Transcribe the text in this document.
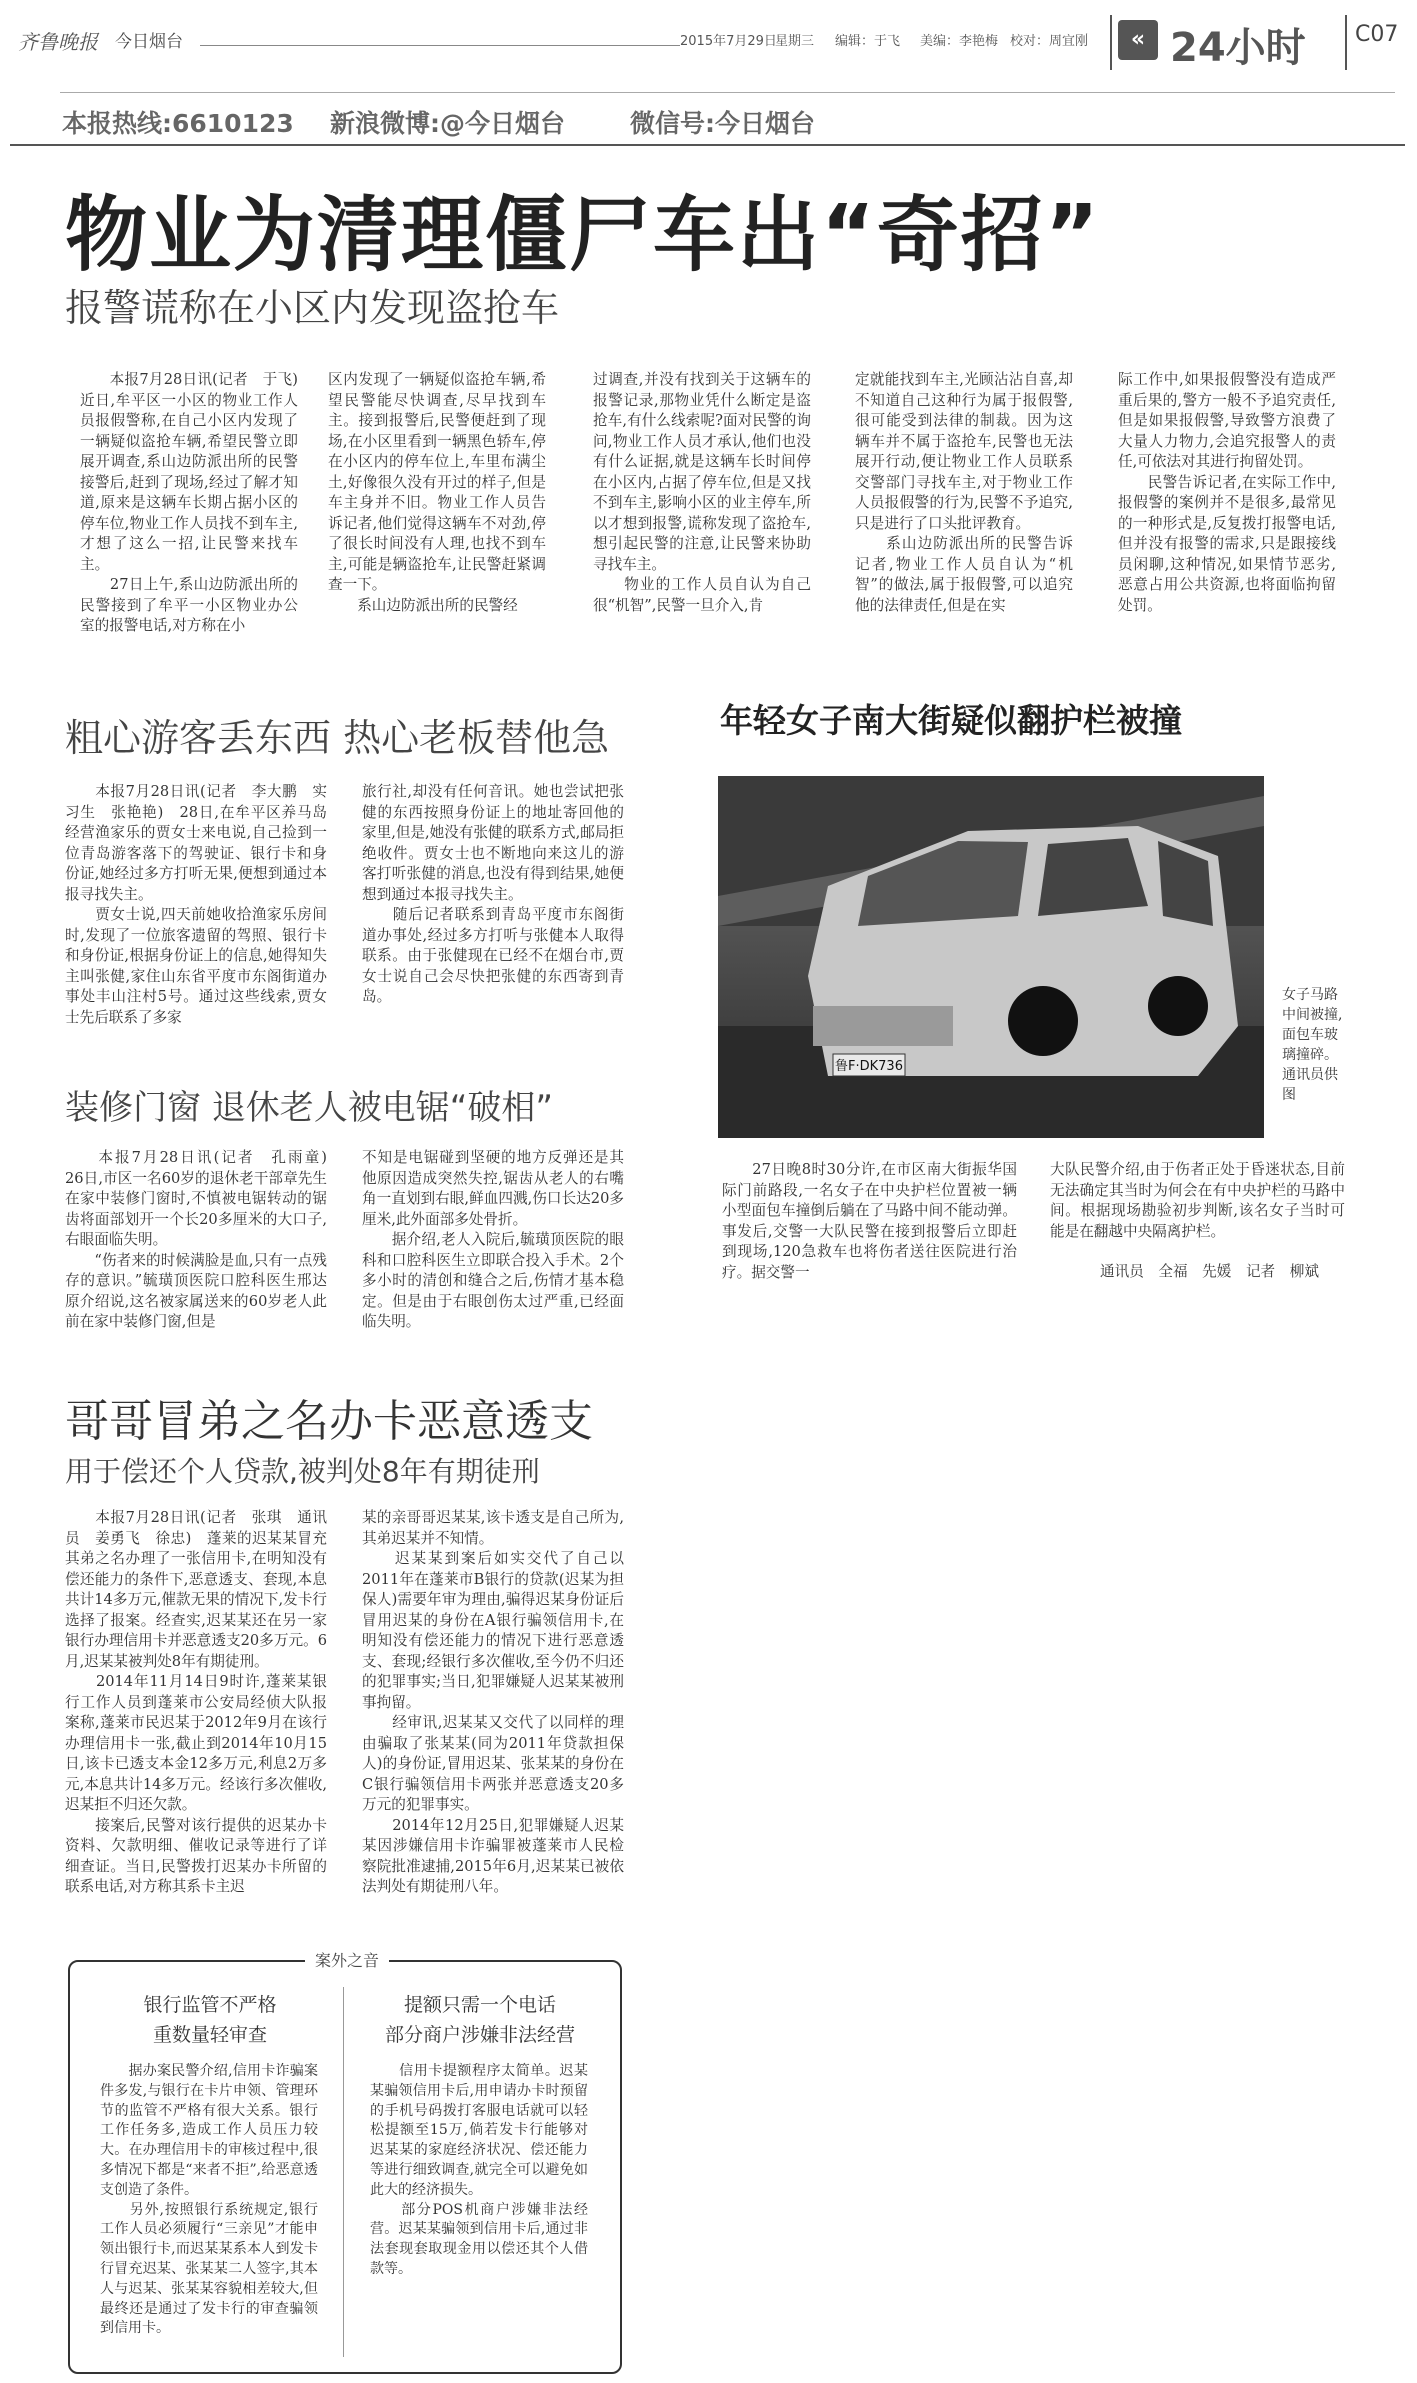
齐鲁晚报 今日烟台	2015年7月29日
星期三 编辑：于飞 美编：李艳梅 校对：周宜刚	« 24小时 C07
本报热线:6610123 新浪微博:@今日烟台	微信号:今日烟台
物业为清理僵尸车出“奇招”
报警谎称在小区内发现盗抢车
　　本报7月28日讯(记者　于飞)　近日,牟平区一小区的物业工作人员报假警称,在自己小区内发现了一辆疑似盗抢车辆,希望民警立即展开调查,系山边防派出所的民警接警后,赶到了现场,经过了解才知道,原来是这辆车长期占据小区的停车位,物业工作人员找不到车主,才想了这么一招,让民警来找车主。
　　27日上午,系山边防派出所的民警接到了牟平一小区物业办公室的报警电话,对方称在小
区内发现了一辆疑似盗抢车辆,希望民警能尽快调查,尽早找到车主。接到报警后,民警便赶到了现场,在小区里看到一辆黑色轿车,停在小区内的停车位上,车里布满尘土,好像很久没有开过的样子,但是车主身并不旧。物业工作人员告诉记者,他们觉得这辆车不对劲,停了很长时间没有人理,也找不到车主,可能是辆盗抢车,让民警赶紧调查一下。
　　系山边防派出所的民警经
过调查,并没有找到关于这辆车的报警记录,那物业凭什么断定是盗抢车,有什么线索呢?面对民警的询问,物业工作人员才承认,他们也没有什么证据,就是这辆车长时间停在小区内,占据了停车位,但是又找不到车主,影响小区的业主停车,所以才想到报警,谎称发现了盗抢车,想引起民警的注意,让民警来协助寻找车主。
　　物业的工作人员自认为自己很“机智”,民警一旦介入,肯
定就能找到车主,光顾沾沾自喜,却不知道自己这种行为属于报假警,很可能受到法律的制裁。因为这辆车并不属于盗抢车,民警也无法展开行动,便让物业工作人员联系交警部门寻找车主,对于物业工作人员报假警的行为,民警不予追究,只是进行了口头批评教育。
　　系山边防派出所的民警告诉记者,物业工作人员自认为“机智”的做法,属于报假警,可以追究他的法律责任,但是在实
际工作中,如果报假警没有造成严重后果的,警方一般不予追究责任,但是如果报假警,导致警方浪费了大量人力物力,会追究报警人的责任,可依法对其进行拘留处罚。
　　民警告诉记者,在实际工作中,报假警的案例并不是很多,最常见的一种形式是,反复拨打报警电话,但并没有报警的需求,只是跟接线员闲聊,这种情况,如果情节恶劣,恶意占用公共资源,也将面临拘留处罚。
粗心游客丢东西 热心老板替他急
　　本报7月28日讯(记者　李大鹏　实习生　张艳艳)　28日,在牟平区养马岛经营渔家乐的贾女士来电说,自己捡到一位青岛游客落下的驾驶证、银行卡和身份证,她经过多方打听无果,便想到通过本报寻找失主。
　　贾女士说,四天前她收拾渔家乐房间时,发现了一位旅客遗留的驾照、银行卡和身份证,根据身份证上的信息,她得知失主叫张健,家住山东省平度市东阁街道办事处丰山注村5号。通过这些线索,贾女士先后联系了多家
旅行社,却没有任何音讯。她也尝试把张健的东西按照身份证上的地址寄回他的家里,但是,她没有张健的联系方式,邮局拒绝收件。贾女士也不断地向来这儿的游客打听张健的消息,也没有得到结果,她便想到通过本报寻找失主。
　　随后记者联系到青岛平度市东阁街道办事处,经过多方打听与张健本人取得联系。由于张健现在已经不在烟台市,贾女士说自己会尽快把张健的东西寄到青岛。
年轻女子南大街疑似翻护栏被撞
鲁F·DK736
女子马路中间被撞,面包车玻璃撞碎。通讯员供图
　　27日晚8时30分许,在市区南大街振华国际门前路段,一名女子在中央护栏位置被一辆小型面包车撞倒后躺在了马路中间不能动弹。事发后,交警一大队民警在接到报警后立即赶到现场,120急救车也将伤者送往医院进行治疗。据交警一
大队民警介绍,由于伤者正处于昏迷状态,目前无法确定其当时为何会在有中央护栏的马路中间。根据现场勘验初步判断,该名女子当时可能是在翻越中央隔离护栏。
通讯员　全福　先媛　记者　柳斌
装修门窗 退休老人被电锯“破相”
　　本报7月28日讯(记者　孔雨童)　26日,市区一名60岁的退休老干部章先生在家中装修门窗时,不慎被电锯转动的锯齿将面部划开一个长20多厘米的大口子,右眼面临失明。
　　“伤者来的时候满脸是血,只有一点残存的意识。”毓璜顶医院口腔科医生邢达原介绍说,这名被家属送来的60岁老人此前在家中装修门窗,但是
不知是电锯碰到坚硬的地方反弹还是其他原因造成突然失控,锯齿从老人的右嘴角一直划到右眼,鲜血四溅,伤口长达20多厘米,此外面部多处骨折。
　　据介绍,老人入院后,毓璜顶医院的眼科和口腔科医生立即联合投入手术。2个多小时的清创和缝合之后,伤情才基本稳定。但是由于右眼创伤太过严重,已经面临失明。
哥哥冒弟之名办卡恶意透支
用于偿还个人贷款,被判处8年有期徒刑
　　本报7月28日讯(记者　张琪　通讯员　姜勇飞　徐忠)　蓬莱的迟某某冒充其弟之名办理了一张信用卡,在明知没有偿还能力的条件下,恶意透支、套现,本息共计14多万元,催款无果的情况下,发卡行选择了报案。经查实,迟某某还在另一家银行办理信用卡并恶意透支20多万元。6月,迟某某被判处8年有期徒刑。
　　2014年11月14日9时许,蓬莱某银行工作人员到蓬莱市公安局经侦大队报案称,蓬莱市民迟某于2012年9月在该行办理信用卡一张,截止到2014年10月15日,该卡已透支本金12多万元,利息2万多元,本息共计14多万元。经该行多次催收,迟某拒不归还欠款。
　　接案后,民警对该行提供的迟某办卡资料、欠款明细、催收记录等进行了详细查证。当日,民警拨打迟某办卡所留的联系电话,对方称其系卡主迟
某的亲哥哥迟某某,该卡透支是自己所为,其弟迟某并不知情。
　　迟某某到案后如实交代了自己以2011年在蓬莱市B银行的贷款(迟某为担保人)需要年审为理由,骗得迟某身份证后冒用迟某的身份在A银行骗领信用卡,在明知没有偿还能力的情况下进行恶意透支、套现;经银行多次催收,至今仍不归还的犯罪事实;当日,犯罪嫌疑人迟某某被刑事拘留。
　　经审讯,迟某某又交代了以同样的理由骗取了张某某(同为2011年贷款担保人)的身份证,冒用迟某、张某某的身份在C银行骗领信用卡两张并恶意透支20多万元的犯罪事实。
　　2014年12月25日,犯罪嫌疑人迟某某因涉嫌信用卡诈骗罪被蓬莱市人民检察院批准逮捕,2015年6月,迟某某已被依法判处有期徒刑八年。
案外之音
银行监管不严格
重数量轻审查
　　据办案民警介绍,信用卡诈骗案件多发,与银行在卡片申领、管理环节的监管不严格有很大关系。银行工作任务多,造成工作人员压力较大。在办理信用卡的审核过程中,很多情况下都是“来者不拒”,给恶意透支创造了条件。
　　另外,按照银行系统规定,银行工作人员必须履行“三亲见”才能申领出银行卡,而迟某某系本人到发卡行冒充迟某、张某某二人签字,其本人与迟某、张某某容貌相差较大,但最终还是通过了发卡行的审查骗领到信用卡。
提额只需一个电话
部分商户涉嫌非法经营
　　信用卡提额程序太简单。迟某某骗领信用卡后,用申请办卡时预留的手机号码拨打客服电话就可以轻松提额至15万,倘若发卡行能够对迟某某的家庭经济状况、偿还能力等进行细致调查,就完全可以避免如此大的经济损失。
　　部分POS机商户涉嫌非法经营。迟某某骗领到信用卡后,通过非法套现套取现金用以偿还其个人借款等。
